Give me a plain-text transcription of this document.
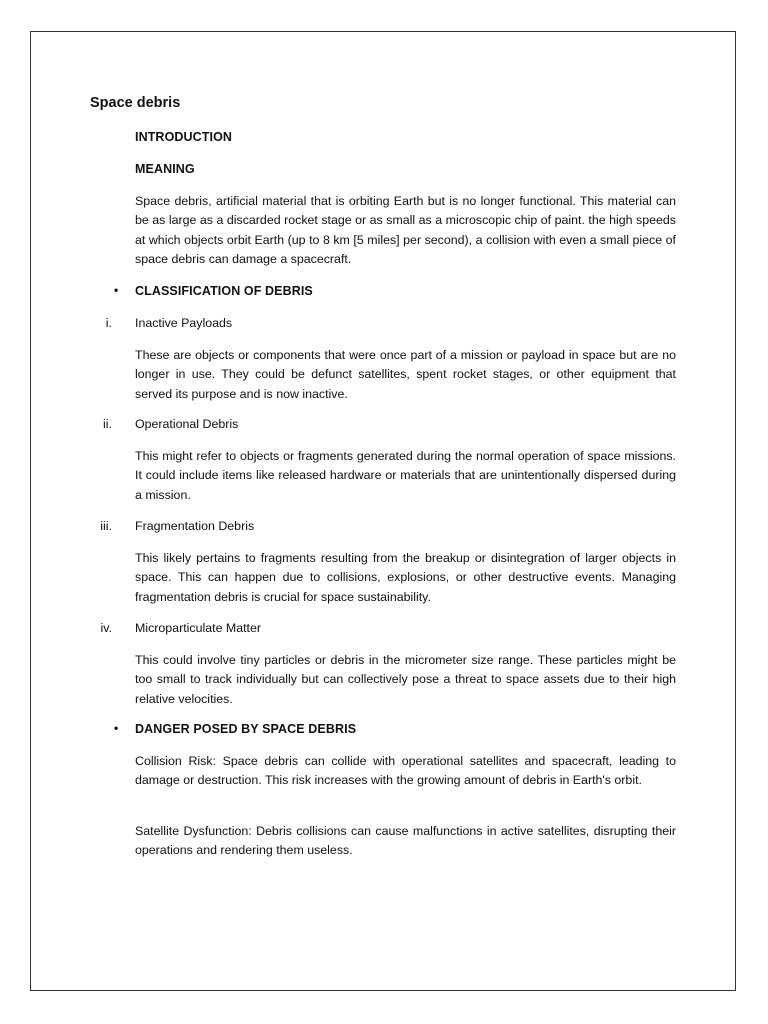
Space debris
INTRODUCTION
MEANING

Space debris, artificial material that is orbiting Earth but is no longer functional. This material can be as large as a discarded rocket stage or as small as a microscopic chip of paint. the high speeds at which objects orbit Earth (up to 8 km [5 miles] per second), a collision with even a small piece of space debris can damage a spacecraft.

• CLASSIFICATION OF DEBRIS
i. Inactive Payloads

These are objects or components that were once part of a mission or payload in space but are no longer in use. They could be defunct satellites, spent rocket stages, or other equipment that served its purpose and is now inactive.

ii. Operational Debris

This might refer to objects or fragments generated during the normal operation of space missions. It could include items like released hardware or materials that are unintentionally dispersed during a mission.

iii. Fragmentation Debris

This likely pertains to fragments resulting from the breakup or disintegration of larger objects in space. This can happen due to collisions, explosions, or other destructive events. Managing fragmentation debris is crucial for space sustainability.

iv. Microparticulate Matter

This could involve tiny particles or debris in the micrometer size range. These particles might be too small to track individually but can collectively pose a threat to space assets due to their high relative velocities.

• DANGER POSED BY SPACE DEBRIS

Collision Risk: Space debris can collide with operational satellites and spacecraft, leading to damage or destruction. This risk increases with the growing amount of debris in Earth's orbit.

Satellite Dysfunction: Debris collisions can cause malfunctions in active satellites, disrupting their operations and rendering them useless.
